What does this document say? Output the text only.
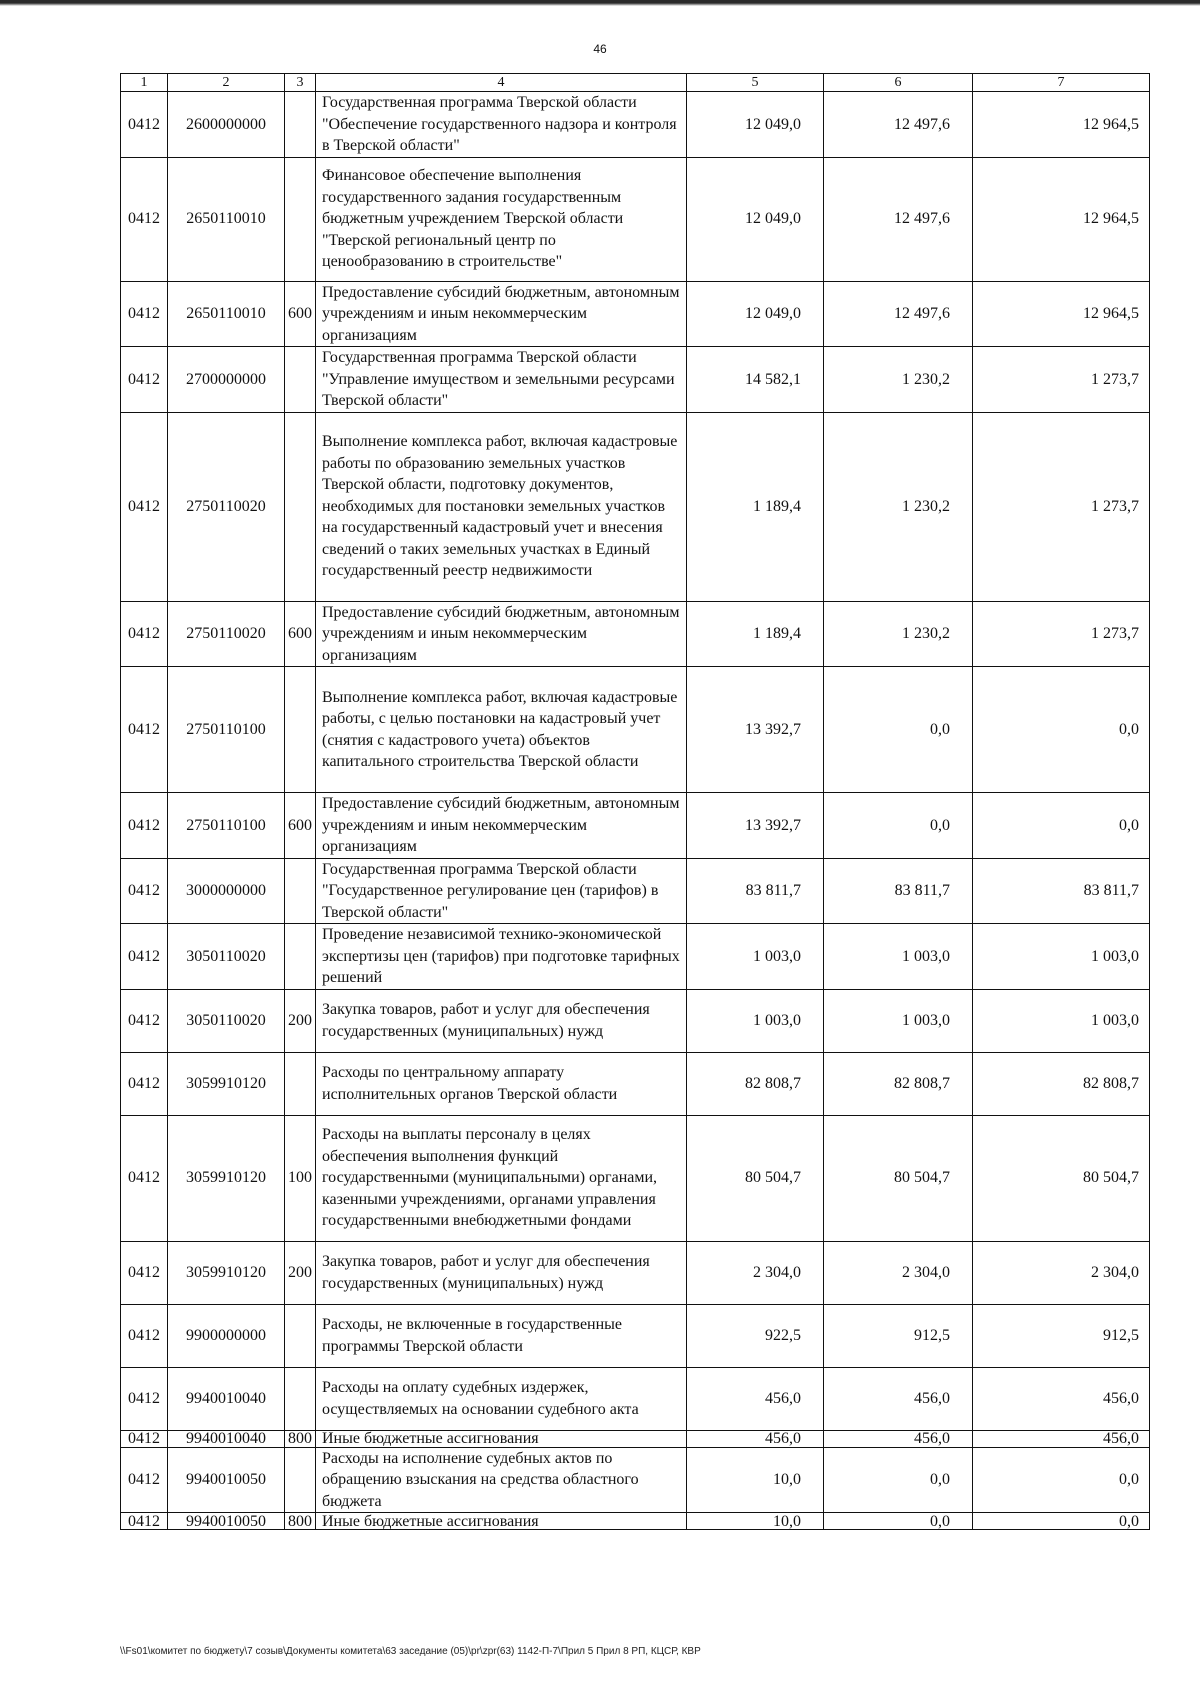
46
1	2	3	4	5	6	7
0412	2600000000		Государственная программа Тверской области "Обеспечение государственного надзора и контроля в Тверской области"	12 049,0	12 497,6	12 964,5
0412	2650110010		Финансовое обеспечение выполнения государственного задания государственным бюджетным учреждением Тверской области "Тверской региональный центр по ценообразованию в строительстве"	12 049,0	12 497,6	12 964,5
0412	2650110010	600	Предоставление субсидий бюджетным, автономным учреждениям и иным некоммерческим организациям	12 049,0	12 497,6	12 964,5
0412	2700000000		Государственная программа Тверской области "Управление имуществом и земельными ресурсами Тверской области"	14 582,1	1 230,2	1 273,7
0412	2750110020		Выполнение комплекса работ, включая кадастровые работы по образованию земельных участков Тверской области, подготовку документов, необходимых для постановки земельных участков на государственный кадастровый учет и внесения сведений о таких земельных участках в Единый государственный реестр недвижимости	1 189,4	1 230,2	1 273,7
0412	2750110020	600	Предоставление субсидий бюджетным, автономным учреждениям и иным некоммерческим организациям	1 189,4	1 230,2	1 273,7
0412	2750110100		Выполнение комплекса работ, включая кадастровые работы, с целью постановки на кадастровый учет (снятия с кадастрового учета) объектов капитального строительства Тверской области	13 392,7	0,0	0,0
0412	2750110100	600	Предоставление субсидий бюджетным, автономным учреждениям и иным некоммерческим организациям	13 392,7	0,0	0,0
0412	3000000000		Государственная программа Тверской области "Государственное регулирование цен (тарифов) в Тверской области"	83 811,7	83 811,7	83 811,7
0412	3050110020		Проведение независимой технико-экономической экспертизы цен (тарифов) при подготовке тарифных решений	1 003,0	1 003,0	1 003,0
0412	3050110020	200	Закупка товаров, работ и услуг для обеспечения государственных (муниципальных) нужд	1 003,0	1 003,0	1 003,0
0412	3059910120		Расходы по центральному аппарату исполнительных органов Тверской области	82 808,7	82 808,7	82 808,7
0412	3059910120	100	Расходы на выплаты персоналу в целях обеспечения выполнения функций государственными (муниципальными) органами, казенными учреждениями, органами управления государственными внебюджетными фондами	80 504,7	80 504,7	80 504,7
0412	3059910120	200	Закупка товаров, работ и услуг для обеспечения государственных (муниципальных) нужд	2 304,0	2 304,0	2 304,0
0412	9900000000		Расходы, не включенные в государственные программы Тверской области	922,5	912,5	912,5
0412	9940010040		Расходы на оплату судебных издержек, осуществляемых на основании судебного акта	456,0	456,0	456,0
0412	9940010040	800	Иные бюджетные ассигнования	456,0	456,0	456,0
0412	9940010050		Расходы на исполнение судебных актов по обращению взыскания на средства областного бюджета	10,0	0,0	0,0
0412	9940010050	800	Иные бюджетные ассигнования	10,0	0,0	0,0
\\Fs01\комитет по бюджету\7 созыв\Документы комитета\63 заседание (05)\pr\zpr(63) 1142-П-7\Прил 5 Прил 8 РП, КЦСР, КВР
